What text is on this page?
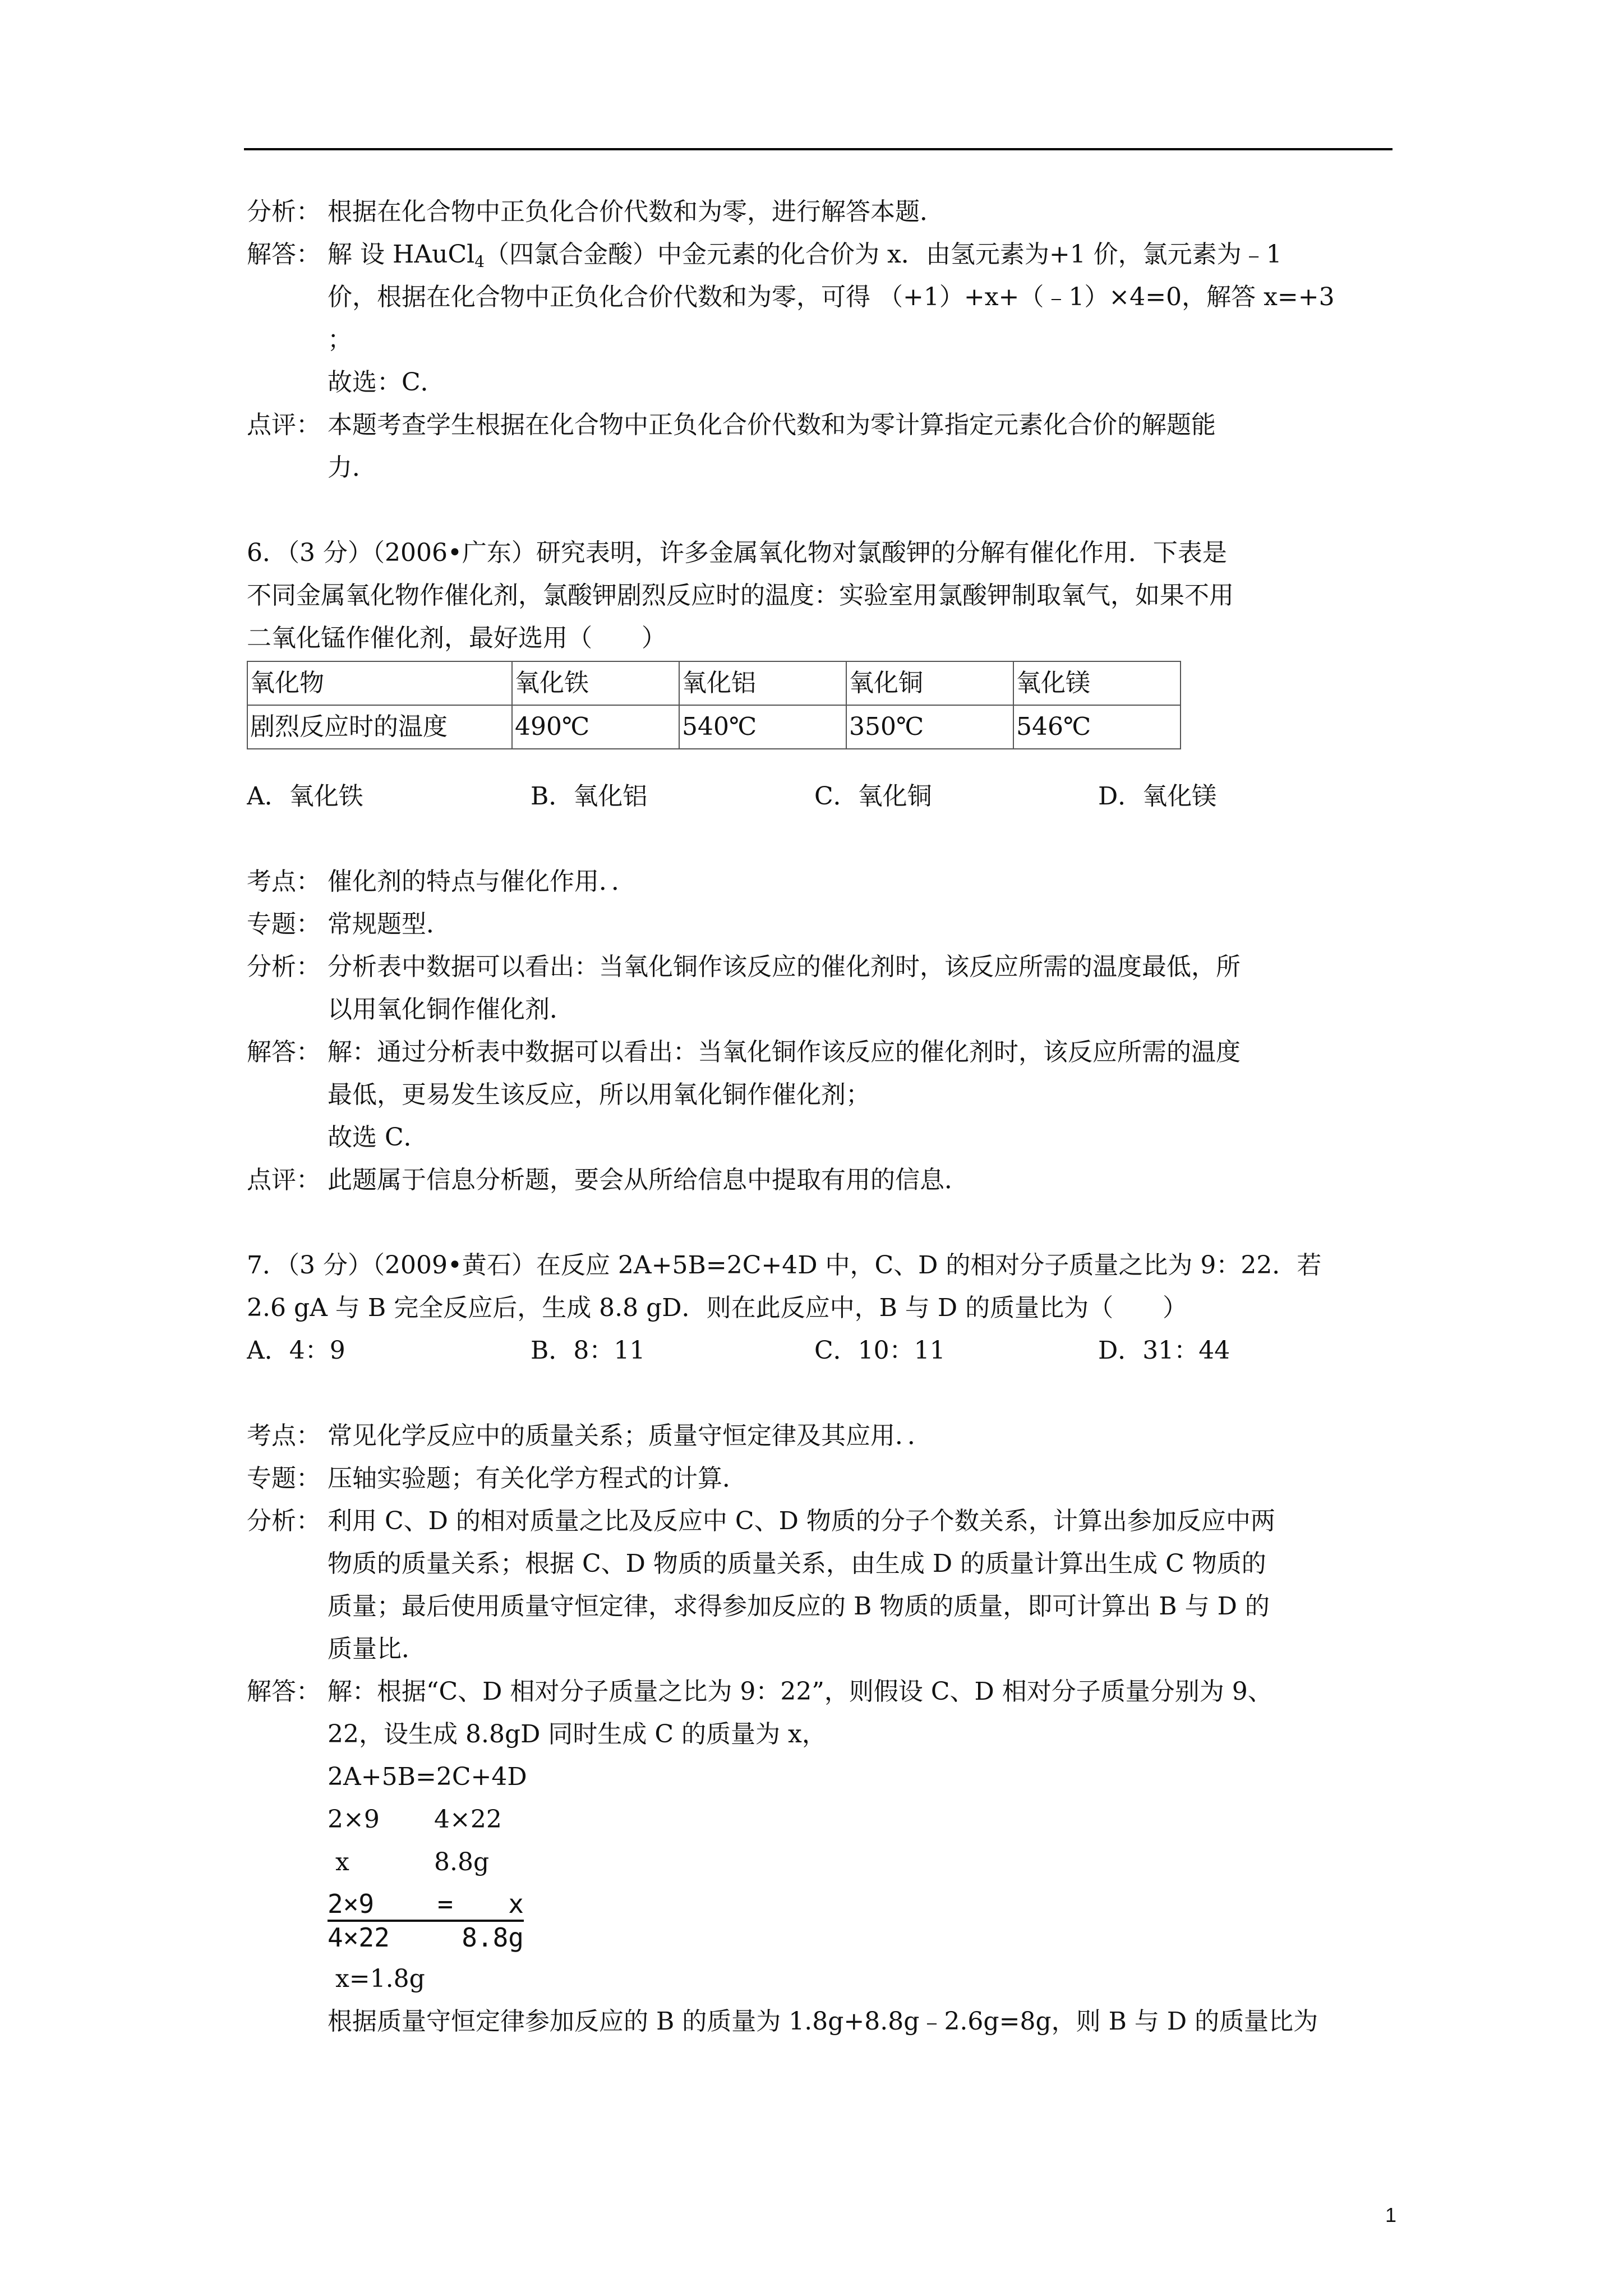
分析： 根据在化合物中正负化合价代数和为零，进行解答本题．
解答： 解 设 HAuCl$_4$（四氯合金酸）中金元素的化合价为 x．由氢元素为+1 价，氯元素为﹣1
价，根据在化合物中正负化合价代数和为零，可得 （+1）+x+（﹣1）×4=0，解答 x=+3
；
故选：C．
点评： 本题考查学生根据在化合物中正负化合价代数和为零计算指定元素化合价的解题能
力．
6．（3 分）（2006•广东）研究表明，许多金属氧化物对氯酸钾的分解有催化作用．下表是
不同金属氧化物作催化剂，氯酸钾剧烈反应时的温度：实验室用氯酸钾制取氧气，如果不用
二氧化锰作催化剂，最好选用（　　）
氧化物	氧化铁	氧化铝	氧化铜	氧化镁
剧烈反应时的温度	490℃	540℃	350℃	546℃
A．氧化铁	B．氧化铝	C．氧化铜	D．氧化镁
考点： 催化剂的特点与催化作用．．
专题： 常规题型．
分析： 分析表中数据可以看出：当氧化铜作该反应的催化剂时，该反应所需的温度最低，所
以用氧化铜作催化剂．
解答： 解：通过分析表中数据可以看出：当氧化铜作该反应的催化剂时，该反应所需的温度
最低，更易发生该反应，所以用氧化铜作催化剂；
故选 C．
点评： 此题属于信息分析题，要会从所给信息中提取有用的信息．
7．（3 分）（2009•黄石）在反应 2A+5B=2C+4D 中，C、D 的相对分子质量之比为 9：22．若
2.6 gA 与 B 完全反应后，生成 8.8 gD．则在此反应中，B 与 D 的质量比为（　　）
A．4：9	B．8：11	C．10：11	D．31：44
考点： 常见化学反应中的质量关系；质量守恒定律及其应用．．
专题： 压轴实验题；有关化学方程式的计算．
分析： 利用 C、D 的相对质量之比及反应中 C、D 物质的分子个数关系，计算出参加反应中两
物质的质量关系；根据 C、D 物质的质量关系，由生成 D 的质量计算出生成 C 物质的
质量；最后使用质量守恒定律，求得参加反应的 B 物质的质量，即可计算出 B 与 D 的
质量比．
解答： 解：根据“C、D 相对分子质量之比为 9：22”，则假设 C、D 相对分子质量分别为 9、
22，设生成 8.8gD 同时生成 C 的质量为 x，
2A+5B=2C+4D
2×9 4×22
x	8.8g
2×9	=	x
4×22	8.8g
x=1.8g
根据质量守恒定律参加反应的 B 的质量为 1.8g+8.8g﹣2.6g=8g，则 B 与 D 的质量比为
1
